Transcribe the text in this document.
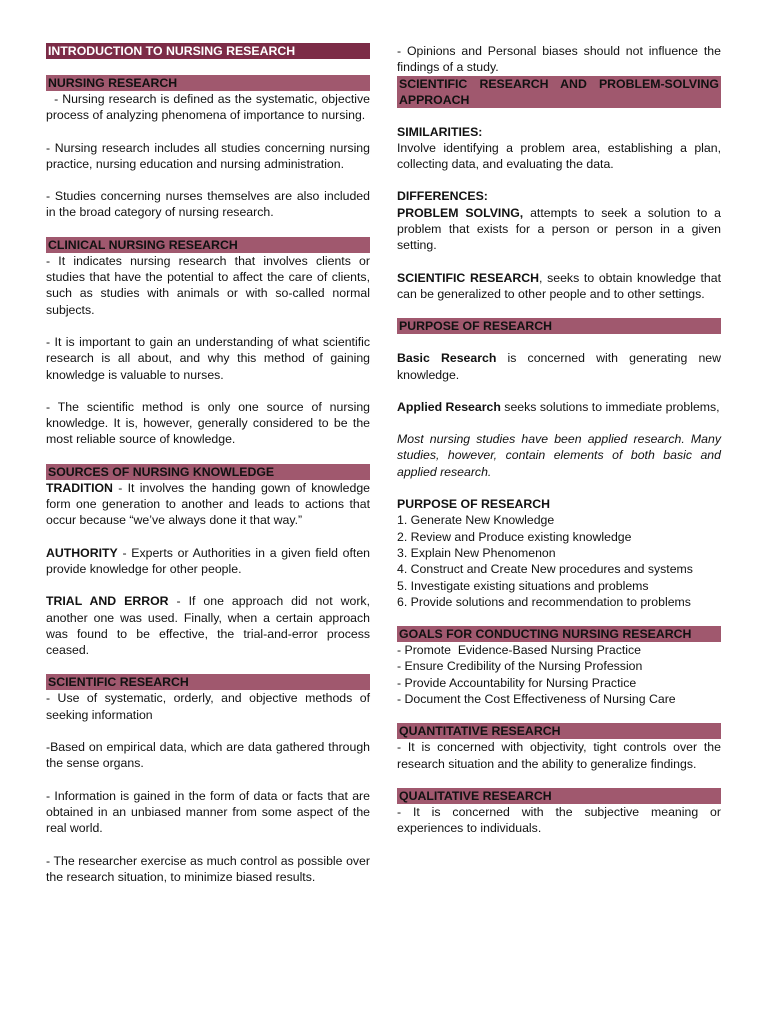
INTRODUCTION TO NURSING RESEARCH
NURSING RESEARCH

- Nursing research is defined as the systematic, objective process of analyzing phenomena of importance to nursing.

- Nursing research includes all studies concerning nursing practice, nursing education and nursing administration.

- Studies concerning nurses themselves are also included in the broad category of nursing research.

CLINICAL NURSING RESEARCH

- It indicates nursing research that involves clients or studies that have the potential to affect the care of clients, such as studies with animals or with so-called normal subjects.

- It is important to gain an understanding of what scientific research is all about, and why this method of gaining knowledge is valuable to nurses.

- The scientific method is only one source of nursing knowledge. It is, however, generally considered to be the most reliable source of knowledge.

SOURCES OF NURSING KNOWLEDGE

TRADITION - It involves the handing gown of knowledge form one generation to another and leads to actions that occur because “we’ve always done it that way.”

AUTHORITY - Experts or Authorities in a given field often provide knowledge for other people.

TRIAL AND ERROR - If one approach did not work, another one was used. Finally, when a certain approach was found to be effective, the trial-and-error process ceased.

SCIENTIFIC RESEARCH

- Use of systematic, orderly, and objective methods of seeking information

-Based on empirical data, which are data gathered through the sense organs.

- Information is gained in the form of data or facts that are obtained in an unbiased manner from some aspect of the real world.

- The researcher exercise as much control as possible over the research situation, to minimize biased results.

- Opinions and Personal biases should not influence the findings of a study.

SCIENTIFIC RESEARCH AND PROBLEM-SOLVING APPROACH

SIMILARITIES:

Involve identifying a problem area, establishing a plan, collecting data, and evaluating the data.

DIFFERENCES:

PROBLEM SOLVING, attempts to seek a solution to a problem that exists for a person or person in a given setting.

SCIENTIFIC RESEARCH, seeks to obtain knowledge that can be generalized to other people and to other settings.

PURPOSE OF RESEARCH

Basic Research is concerned with generating new knowledge.

Applied Research seeks solutions to immediate problems,

Most nursing studies have been applied research. Many studies, however, contain elements of both basic and applied research.

PURPOSE OF RESEARCH

1. Generate New Knowledge
2. Review and Produce existing knowledge
3. Explain New Phenomenon
4. Construct and Create New procedures and systems
5. Investigate existing situations and problems
6. Provide solutions and recommendation to problems
GOALS FOR CONDUCTING NURSING RESEARCH
- Promote  Evidence-Based Nursing Practice
- Ensure Credibility of the Nursing Profession
- Provide Accountability for Nursing Practice
- Document the Cost Effectiveness of Nursing Care
QUANTITATIVE RESEARCH

- It is concerned with objectivity, tight controls over the research situation and the ability to generalize findings.

QUALITATIVE RESEARCH

- It is concerned with the subjective meaning or experiences to individuals.
